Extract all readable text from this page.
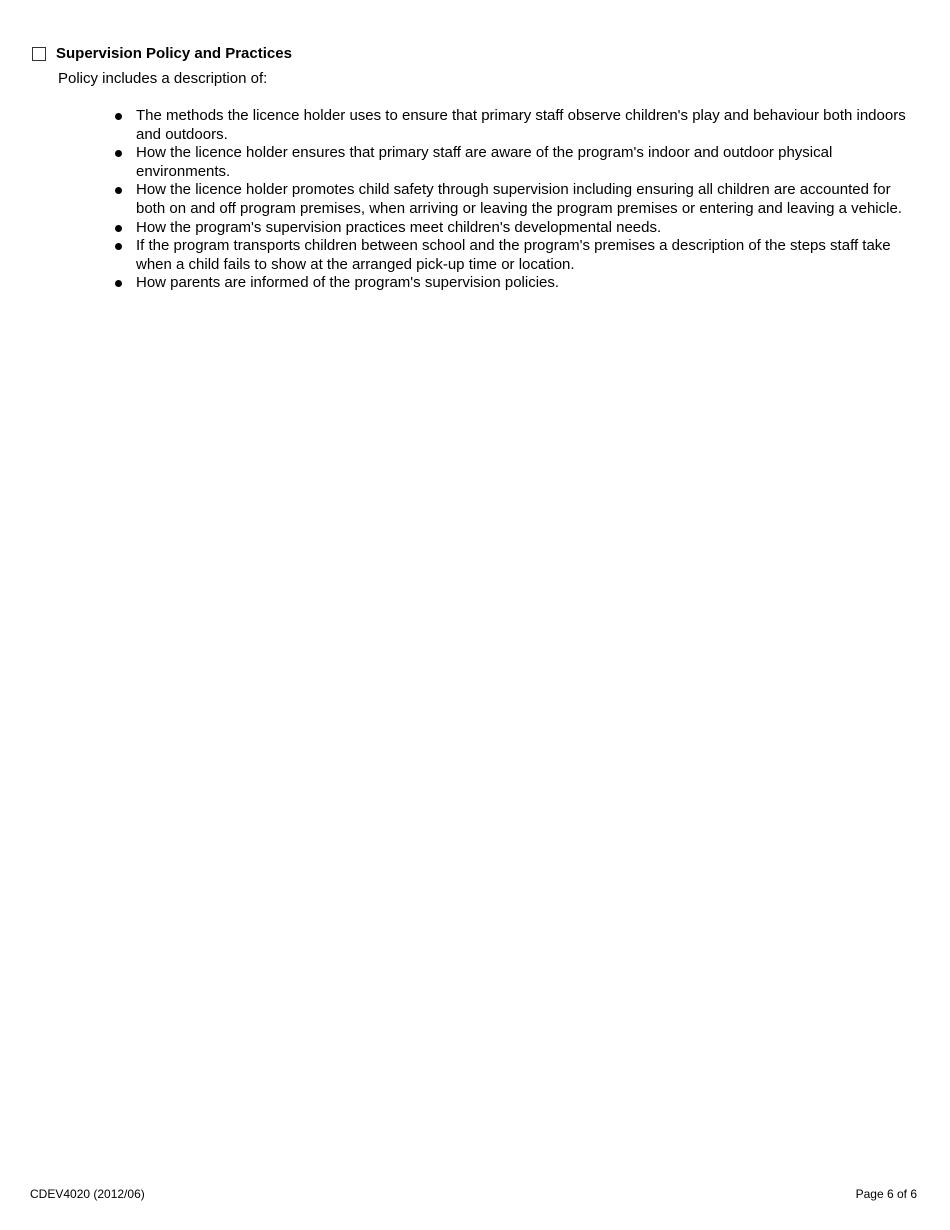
Supervision Policy and Practices
Policy includes a description of:
The methods the licence holder uses to ensure that primary staff observe children's play and behaviour both indoors and outdoors.
How the licence holder ensures that primary staff are aware of the program's indoor and outdoor physical environments.
How the licence holder promotes child safety through supervision including ensuring all children are accounted for both on and off program premises, when arriving or leaving the program premises or entering and leaving a vehicle.
How the program's supervision practices meet children's developmental needs.
If the program transports children between school and the program's premises a description of the steps staff take when a child fails to show at the arranged pick-up time or location.
How parents are informed of the program's supervision policies.
CDEV4020 (2012/06)	Page 6 of 6
